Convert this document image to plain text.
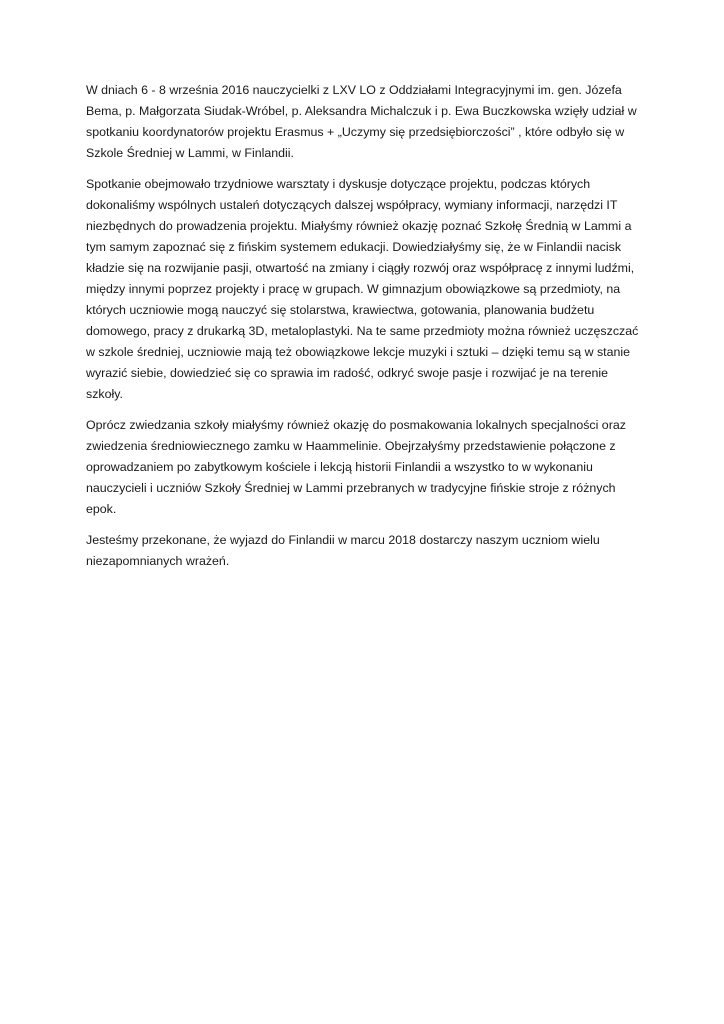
W dniach 6 - 8 września 2016 nauczycielki z LXV LO z Oddziałami Integracyjnymi im. gen. Józefa
Bema, p. Małgorzata Siudak-Wróbel, p. Aleksandra Michalczuk i p. Ewa Buczkowska wzięły udział w
spotkaniu koordynatorów projektu Erasmus + „Uczymy się przedsiębiorczości” , które odbyło się w
Szkole Średniej w Lammi, w Finlandii.

Spotkanie obejmowało trzydniowe warsztaty i dyskusje dotyczące projektu, podczas których
dokonaliśmy wspólnych ustaleń dotyczących dalszej współpracy, wymiany informacji, narzędzi IT
niezbędnych do prowadzenia projektu. Miałyśmy również okazję poznać Szkołę Średnią w Lammi a
tym samym zapoznać się z fińskim systemem edukacji. Dowiedziałyśmy się, że w Finlandii nacisk
kładzie się na rozwijanie pasji, otwartość na zmiany i ciągły rozwój oraz współpracę z innymi ludźmi,
między innymi poprzez projekty i pracę w grupach. W gimnazjum obowiązkowe są przedmioty, na
których uczniowie mogą nauczyć się stolarstwa, krawiectwa, gotowania, planowania budżetu
domowego, pracy z drukarką 3D, metaloplastyki. Na te same przedmioty można również uczęszczać
w szkole średniej, uczniowie mają też obowiązkowe lekcje muzyki i sztuki – dzięki temu są w stanie
wyrazić siebie, dowiedzieć się co sprawia im radość, odkryć swoje pasje i rozwijać je na terenie
szkoły.

Oprócz zwiedzania szkoły miałyśmy również okazję do posmakowania lokalnych specjalności oraz
zwiedzenia średniowiecznego zamku w Haammelinie. Obejrzałyśmy przedstawienie połączone z
oprowadzaniem po zabytkowym kościele i lekcją historii Finlandii a wszystko to w wykonaniu
nauczycieli i uczniów Szkoły Średniej w Lammi przebranych w tradycyjne fińskie stroje z różnych
epok.

Jesteśmy przekonane, że wyjazd do Finlandii w marcu 2018 dostarczy naszym uczniom wielu
niezapomnianych wrażeń.
